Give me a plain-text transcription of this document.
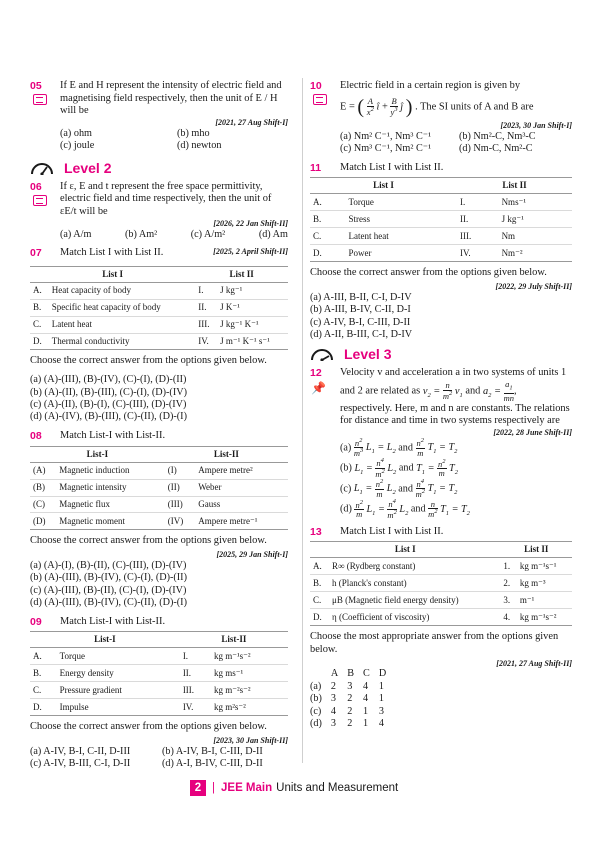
05 If E and H represent the intensity of electric field and magnetising field respectively, then the unit of E / H will be
[2021, 27 Aug Shift-I]
(a) ohm	(b) mho
(c) joule	(d) newton
Level 2
06 If ε, E and t represent the free space permittivity, electric field and time respectively, then the unit of εE/t will be
[2026, 22 Jan Shift-II]
(a) A/m	(b) Am²	(c) A/m²	(d) Am
07 Match List I with List II.	[2025, 2 April Shift-II]
List I		List II	
A.	Heat capacity of body	I.	J kg⁻¹
B.	Specific heat capacity of body	II.	J K⁻¹
C.	Latent heat	III.	J kg⁻¹ K⁻¹
D.	Thermal conductivity	IV.	J m⁻¹ K⁻¹ s⁻¹
Choose the correct answer from the options given below.
(a) (A)-(III), (B)-(IV), (C)-(I), (D)-(II)
(b) (A)-(II), (B)-(III), (C)-(I), (D)-(IV)
(c) (A)-(II), (B)-(I), (C)-(III), (D)-(IV)
(d) (A)-(IV), (B)-(III), (C)-(II), (D)-(I)
08 Match List-I with List-II.
List-I		List-II	
(A)	Magnetic induction	(I)	Ampere metre²
(B)	Magnetic intensity	(II)	Weber
(C)	Magnetic flux	(III)	Gauss
(D)	Magnetic moment	(IV)	Ampere metre⁻¹
Choose the correct answer from the options given below.
[2025, 29 Jan Shift-I]
(a) (A)-(I), (B)-(II), (C)-(III), (D)-(IV)
(b) (A)-(III), (B)-(IV), (C)-(I), (D)-(II)
(c) (A)-(III), (B)-(II), (C)-(I), (D)-(IV)
(d) (A)-(III), (B)-(IV), (C)-(II), (D)-(I)
09 Match List-I with List-II.
List-I		List-II	
A.	Torque	I.	kg m⁻¹s⁻²
B.	Energy density	II.	kg ms⁻¹
C.	Pressure gradient	III.	kg m⁻²s⁻²
D.	Impulse	IV.	kg m²s⁻²
Choose the correct answer from the options given below.
[2023, 30 Jan Shift-II]
(a) A-IV, B-I, C-II, D-III	(b) A-IV, B-I, C-III, D-II
(c) A-IV, B-III, C-I, D-II	(d) A-I, B-IV, C-III, D-II
10 Electric field in a certain region is given by
E = ( $\frac{A}{x^2}$ î + $\frac{B}{y^3}$ ĵ ) . The SI units of A and B are
[2023, 30 Jan Shift-I]
(a) Nm² C⁻¹, Nm³ C⁻¹	(b) Nm²-C, Nm³-C
(c) Nm³ C⁻¹, Nm² C⁻¹	(d) Nm-C, Nm²-C
11 Match List I with List II.
List I		List II	
A.	Torque	I.	Nms⁻¹
B.	Stress	II.	J kg⁻¹
C.	Latent heat	III.	Nm
D.	Power	IV.	Nm⁻²
Choose the correct answer from the options given below.
[2022, 29 July Shift-II]
(a) A-III, B-II, C-I, D-IV
(b) A-III, B-IV, C-II, D-I
(c) A-IV, B-I, C-III, D-II
(d) A-II, B-III, C-I, D-IV
Level 3
12
📌
Velocity v and acceleration a in two systems of units 1 and 2 are related as $v_2 = \frac{n}{m^2} v_1$ and $a_2 = \frac{a_1}{mn}$ ,
respectively. Here, m and n are constants. The relations for distance and time in two systems respectively are
[2022, 28 June Shift-II]
$(a) \frac{n^2}{m^3} L_1 = L_2$ and $\frac{n^2}{m} T_1 = T_2$
(b) $L_1 = \frac{n^4}{m^2} L_2$ and $T_1 = \frac{n^2}{m} T_2$
(c) $L_1 = \frac{n^2}{m} L_2$ and $\frac{n^4}{m^2} T_1 = T_2$
$(d) \frac{n^2}{m} L_1 = \frac{n^4}{m^2} L_2$ and $\frac{n}{m^2} T_1 = T_2$
13 Match List I with List II.
List I		List II	
A.	R∞ (Rydberg constant)	1.	kg m⁻¹s⁻¹
B.	h (Planck's constant)	2.	kg m⁻³
C.	μB (Magnetic field energy density)	3.	m⁻¹
D.	η (Coefficient of viscosity)	4.	kg m⁻¹s⁻²
Choose the most appropriate answer from the options given below.
[2021, 27 Aug Shift-II]
	A	B	C	D
(a)	2	3	4	1
(b)	3	2	4	1
(c)	4	2	1	3
(d)	3	2	1	4
2 | JEE Main Units and Measurement
